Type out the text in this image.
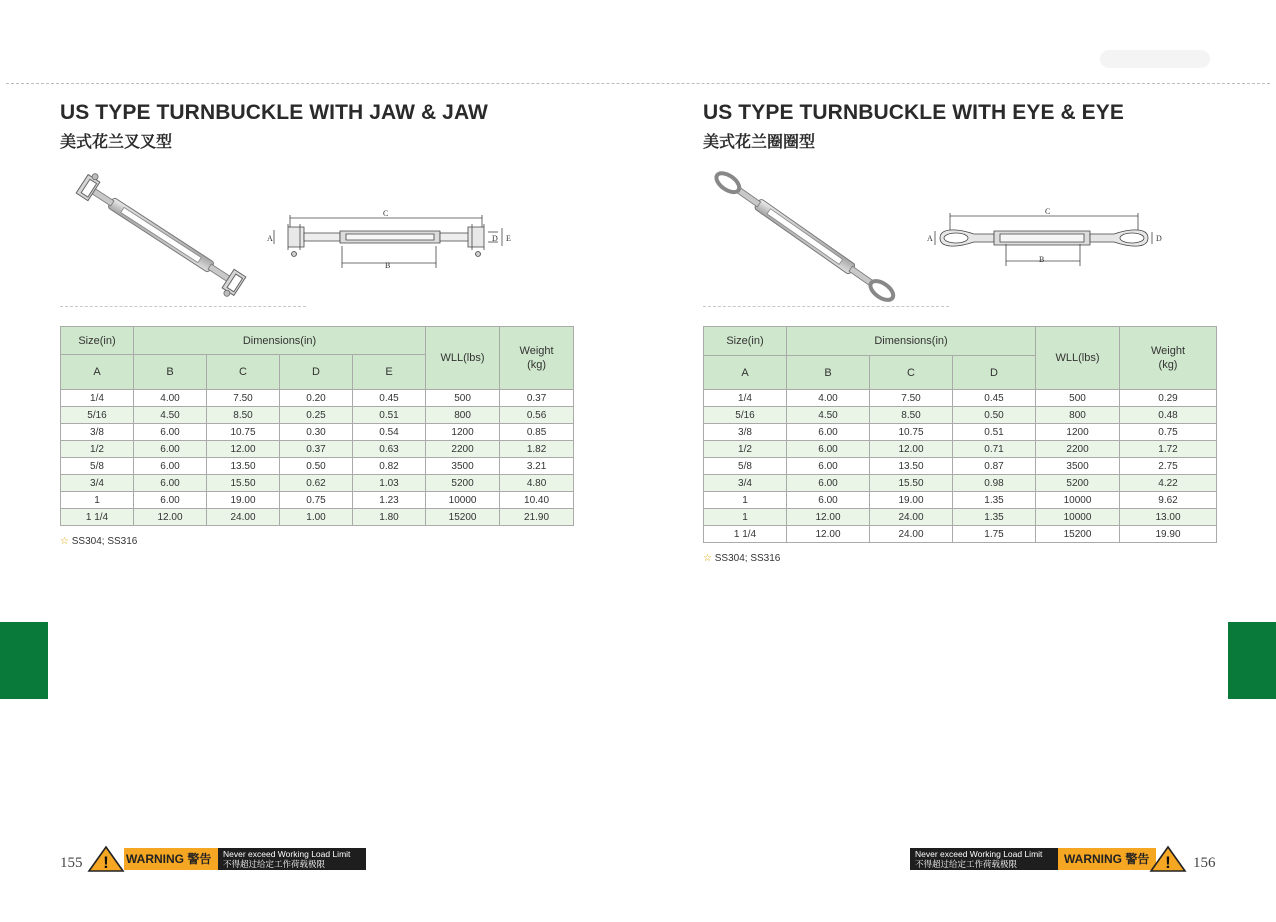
US TYPE TURNBUCKLE WITH JAW & JAW
美式花兰叉叉型
C
B
A	D E
Size(in)	Dimensions(in)				WLL(lbs)	Weight (kg)
A	B	C	D	E		
1/4	4.00	7.50	0.20	0.45	500	0.37
5/16	4.50	8.50	0.25	0.51	800	0.56
3/8	6.00	10.75	0.30	0.54	1200	0.85
1/2	6.00	12.00	0.37	0.63	2200	1.82
5/8	6.00	13.50	0.50	0.82	3500	3.21
3/4	6.00	15.50	0.62	1.03	5200	4.80
1	6.00	19.00	0.75	1.23	10000	10.40
1 1/4	12.00	24.00	1.00	1.80	15200	21.90
☆ SS304; SS316
155 ! WARNING 警告	Never exceed Working Load Limit
不得超过给定工作荷载极限
US TYPE TURNBUCKLE WITH EYE & EYE
美式花兰圈圈型
C
B
A	D
Size(in)	Dimensions(in)			WLL(lbs)	Weight (kg)
A	B	C	D		
1/4	4.00	7.50	0.45	500	0.29
5/16	4.50	8.50	0.50	800	0.48
3/8	6.00	10.75	0.51	1200	0.75
1/2	6.00	12.00	0.71	2200	1.72
5/8	6.00	13.50	0.87	3500	2.75
3/4	6.00	15.50	0.98	5200	4.22
1	6.00	19.00	1.35	10000	9.62
1	12.00	24.00	1.35	10000	13.00
1 1/4	12.00	24.00	1.75	15200	19.90
☆ SS304; SS316
Never exceed Working Load Limit
不得超过给定工作荷载极限	WARNING 警告 ! 156
